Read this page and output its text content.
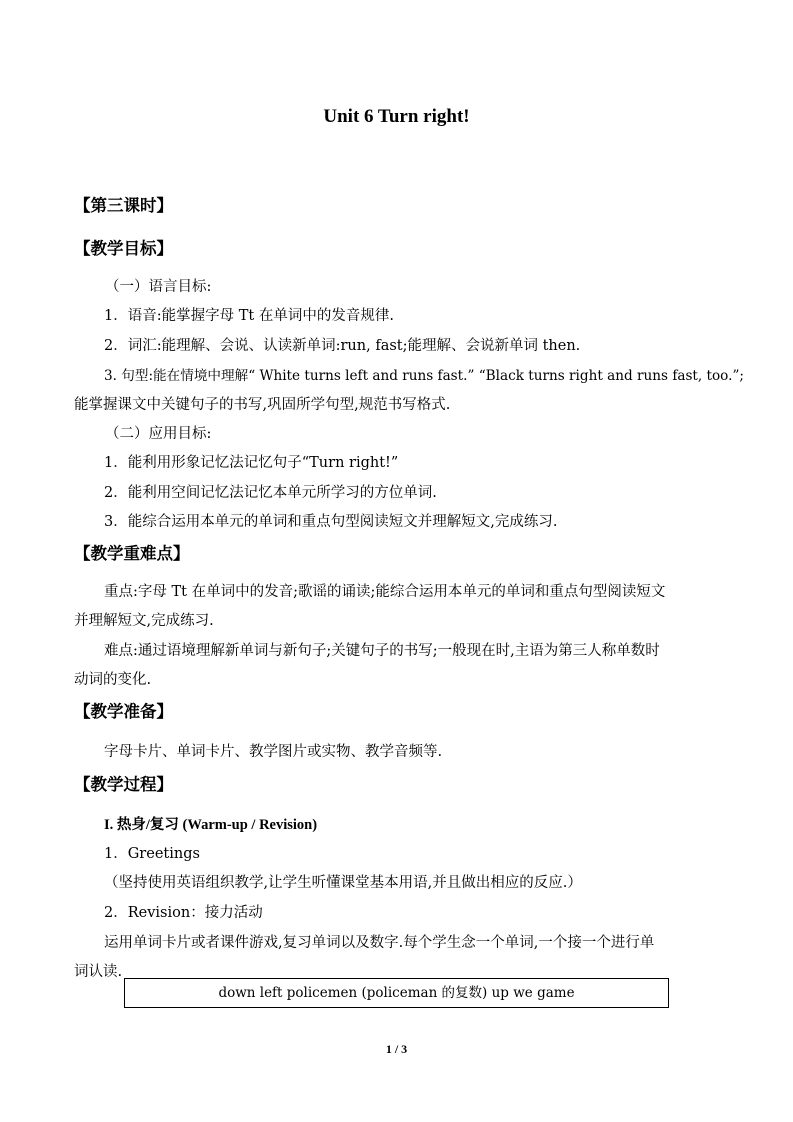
Unit 6 Turn right!
【第三课时】
【教学目标】
（一）语言目标:
1．语音:能掌握字母 Tt 在单词中的发音规律.
2．词汇:能理解、会说、认读新单词:run, fast;能理解、会说新单词 then.
3. 句型:能在情境中理解“ White turns left and runs fast.” “Black turns right and runs fast, too.”;
能掌握课文中关键句子的书写,巩固所学句型,规范书写格式.
（二）应用目标:
1．能利用形象记忆法记忆句子“Turn right!”
2．能利用空间记忆法记忆本单元所学习的方位单词.
3．能综合运用本单元的单词和重点句型阅读短文并理解短文,完成练习.
【教学重难点】
重点:字母 Tt 在单词中的发音;歌谣的诵读;能综合运用本单元的单词和重点句型阅读短文
并理解短文,完成练习.
难点:通过语境理解新单词与新句子;关键句子的书写;一般现在时,主语为第三人称单数时
动词的变化.
【教学准备】
字母卡片、单词卡片、教学图片或实物、教学音频等.
【教学过程】
I. 热身/复习 (Warm-up / Revision)
1．Greetings
（坚持使用英语组织教学,让学生听懂课堂基本用语,并且做出相应的反应.）
2．Revision：接力活动
运用单词卡片或者课件游戏,复习单词以及数字.每个学生念一个单词,一个接一个进行单
词认读.
down left policemen (policeman 的复数) up we game
1 / 3
